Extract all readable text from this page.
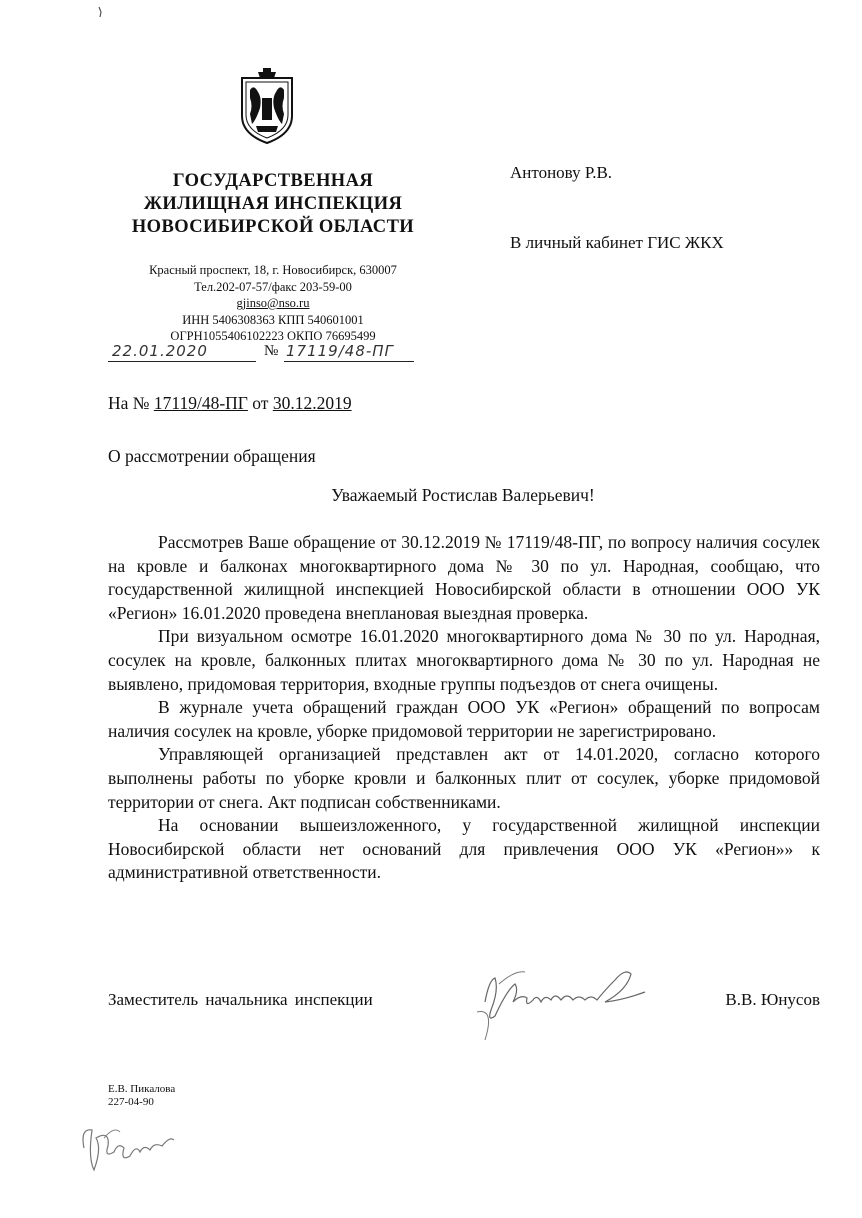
ГОСУДАРСТВЕННАЯ
ЖИЛИЩНАЯ ИНСПЕКЦИЯ
НОВОСИБИРСКОЙ ОБЛАСТИ
Красный проспект, 18, г. Новосибирск, 630007
Тел.202-07-57/факс 203-59-00
gjinso@nso.ru
ИНН 5406308363 КПП 540601001
ОГРН1055406102223 ОКПО 76695499
22.01.2020	№ 17119/48-ПГ
Антонову Р.В.
В личный кабинет ГИС ЖКХ
На № 17119/48-ПГ от 30.12.2019
О рассмотрении обращения
Уважаемый Ростислав Валерьевич!

Рассмотрев Ваше обращение от 30.12.2019 № 17119/48-ПГ, по вопросу наличия сосулек на кровле и балконах многоквартирного дома № 30 по ул. Народная, сообщаю, что государственной жилищной инспекцией Новосибирской области в отношении ООО УК «Регион» 16.01.2020 проведена внеплановая выездная проверка.

При визуальном осмотре 16.01.2020 многоквартирного дома № 30 по ул. Народная, сосулек на кровле, балконных плитах многоквартирного дома № 30 по ул. Народная не выявлено, придомовая территория, входные группы подъездов от снега очищены.

В журнале учета обращений граждан ООО УК «Регион» обращений по вопросам наличия сосулек на кровле, уборке придомовой территории не зарегистрировано.

Управляющей организацией представлен акт от 14.01.2020, согласно которого выполнены работы по уборке кровли и балконных плит от сосулек, уборке придомовой территории от снега. Акт подписан собственниками.

На основании вышеизложенного, у государственной жилищной инспекции Новосибирской области нет оснований для привлечения ООО УК «Регион»» к административной ответственности.

Заместитель начальника инспекции	В.В. Юнусов
Е.В. Пикалова
227-04-90
